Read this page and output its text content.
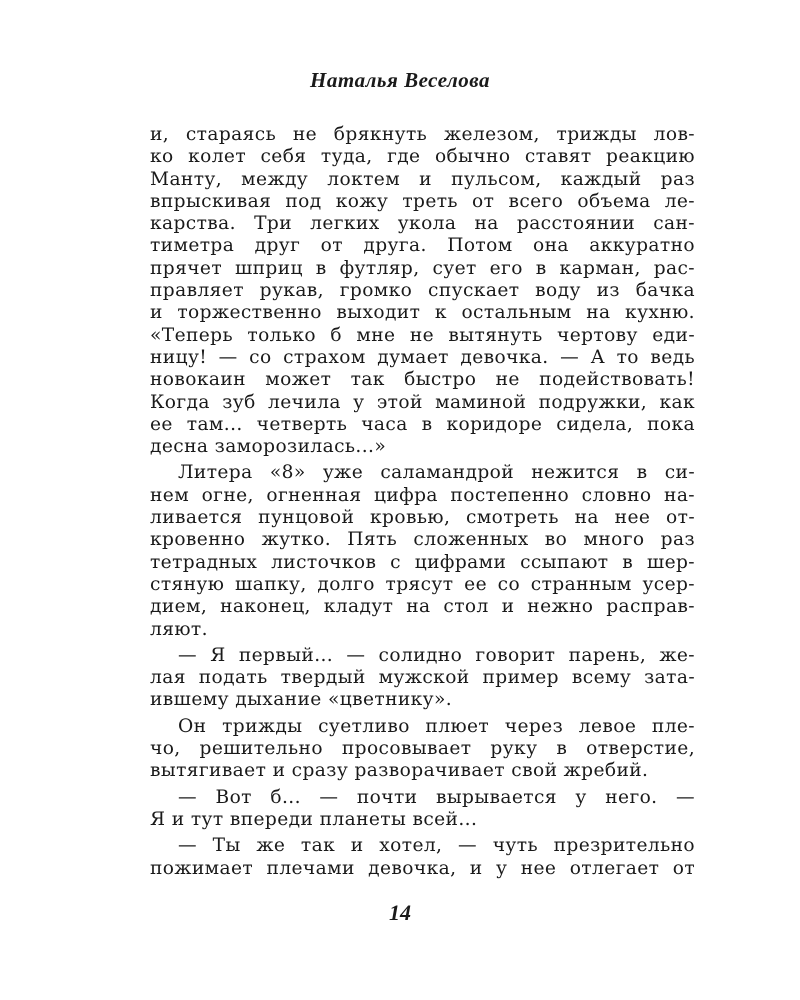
Наталья Веселова
и, стараясь не брякнуть железом, трижды лов-
ко колет себя туда, где обычно ставят реакцию
Манту, между локтем и пульсом, каждый раз
впрыскивая под кожу треть от всего объема ле-
карства. Три легких укола на расстоянии сан-
тиметра друг от друга. Потом она аккуратно
прячет шприц в футляр, сует его в карман, рас-
правляет рукав, громко спускает воду из бачка
и торжественно выходит к остальным на кухню.
«Теперь только б мне не вытянуть чертову еди-
ницу! — со страхом думает девочка. — А то ведь
новокаин может так быстро не подействовать!
Когда зуб лечила у этой маминой подружки, как
ее там... четверть часа в коридоре сидела, пока
десна заморозилась...»
Литера «8» уже саламандрой нежится в си-
нем огне, огненная цифра постепенно словно на-
ливается пунцовой кровью, смотреть на нее от-
кровенно жутко. Пять сложенных во много раз
тетрадных листочков с цифрами ссыпают в шер-
стяную шапку, долго трясут ее со странным усер-
дием, наконец, кладут на стол и нежно расправ-
ляют.
— Я первый... — солидно говорит парень, же-
лая подать твердый мужской пример всему зата-
ившему дыхание «цветнику».
Он трижды суетливо плюет через левое пле-
чо, решительно просовывает руку в отверстие,
вытягивает и сразу разворачивает свой жребий.
— Вот б... — почти вырывается у него. —
Я и тут впереди планеты всей...
— Ты же так и хотел, — чуть презрительно
пожимает плечами девочка, и у нее отлегает от
14
